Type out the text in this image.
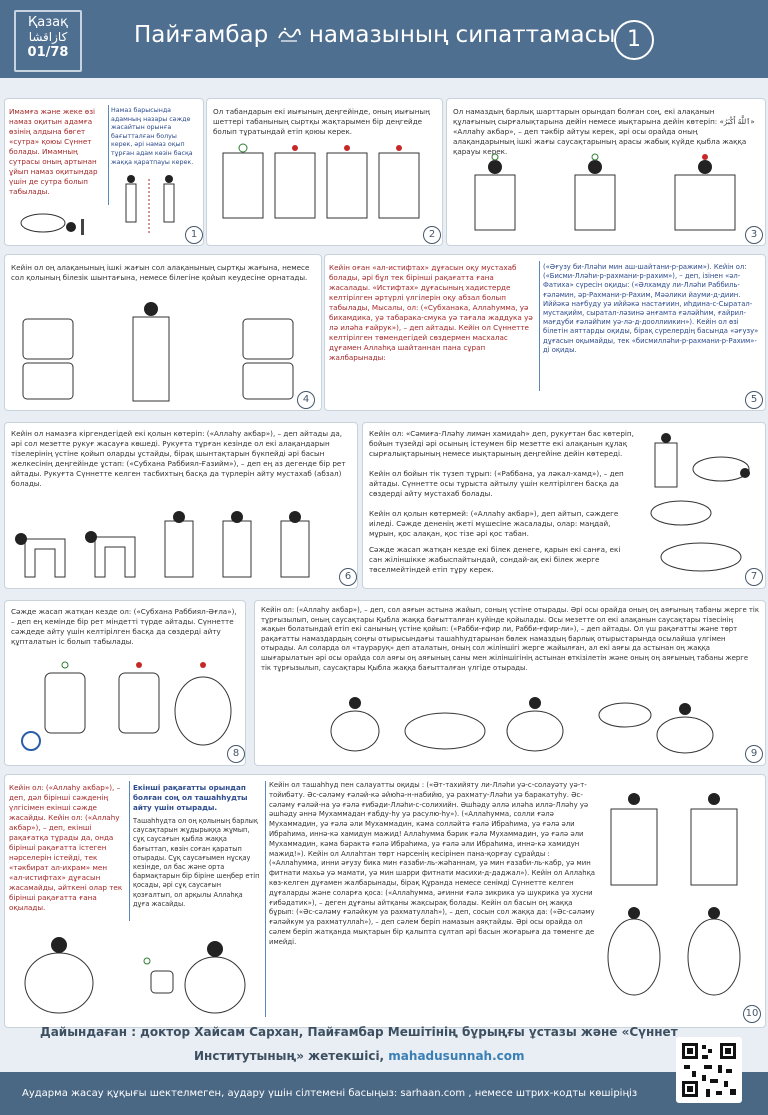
Қазақ
كازاقشا
01/78
Пайғамбар намазының сипаттамасы 1
Имамға және жеке өзі намаз оқитын адамға өзінің алдына бөгет «сутра» қоюы Сүннет болады. Имамның сутрасы оның артынан ұйып намаз оқитындар үшін де сутра болып табылады.
Намаз барысында адамның назары сәжде жасайтын орынға бағытталған болуы керек, әрі намаз оқып тұрған адам көзін басқа жаққа қаратпауы керек.
1
Ол табандарын екі иығының деңгейінде, оның иығының шеттері табанының сыртқы жақтарымен бір деңгейде болып тұратындай етіп қоюы керек.
2
Ол намаздың барлық шарттарын орындап болған соң, екі алақанын құлағының сырғалықтарына дейін немесе иықтарына дейін көтеріп: «ٱللَّهُ أَكْبَرُ» «Аллаһу акбар», – деп тәкбір айтуы керек, әрі осы орайда оның алақандарының ішкі жағы саусақтарының арасы жабық күйде қыбла жаққа қарауы керек.
3
Кейін ол оң алақанының ішкі жағын сол алақанының сыртқы жағына, немесе сол қолының білезік шынтағына, немесе білегіне қойып кеудесіне орнатады.
4
Кейін оған «ал-истифтах» дұғасын оқу мустахаб болады, әрі бұл тек бірінші рақағатта ғана жасалады. «Истифтах» дұғасының хадистерде келтірілген әртүрлі үлгілерін оқу абзал болып табылады, Мысалы, ол: («Субханака, Аллаһумма, уә бихамдика, уә табарака-смука уә тағала жаддука уә лә иләһа ғайрук»), – деп айтады. Кейін ол Сүннетте келтірілген төмендегідей сөздермен масхалас дұғамен Аллаһқа шайтаннан пана сұрап жалбарынады:
(«Әғузу би-Лләһи мин аш-шайтани-р-ражим»). Кейін ол: («Бисми-Лләһи-р-рахмани-р-рахим»), – деп, ізінен «әл-Фатиха» сүресін оқиды: («Әлхамду ли-Лләһи Раббиль-ғәләмин, әр-Рахмани-р-Рахим, Мәәлики йауми-д-диин. Иййәкә нағбуду уә иййәкә настағиин, иһдина-с-Сыратал-мустақийм, сыратал-ләзинә әнғамта ғәләйһим, ғайрил-мағдуби ғәләйһим уә-лә-д-дооллиикин»). Кейін ол өзі білетін аяттарды оқиды, бірақ сүрелердің басында «әғузу» дұғасын оқымайды, тек «бисмилләһи-р-рахмани-р-Рахим»-ді оқиды.
5
Кейін ол намазға кіргендегідей екі қолын көтеріп: («Аллаһу акбар»), – деп айтады да, әрі сол мезетте рукуғ жасауға көшеді. Рукуғта тұрған кезінде ол екі алақандарын тізелерінің үстіне қойып оларды ұстайды, бірақ шынтақтарын бүкпейді әрі басын желкесінің деңгейінде ұстап: («Субхана Раббиял-Ғазийм»), – деп ең аз дегенде бір рет айтады. Рукуғта Сүннетте келген тасбихтың басқа да түрлерін айту мустахаб (абзал) болады.
6
Кейін ол: «Сәмиға-Лләһу лимән хамидаһ» деп, рукуғтан бас көтеріп, бойын түзейді әрі осының істеумен бір мезетте екі алақанын құлақ сырғалықтарының немесе иықтарының деңгейіне дейін көтереді.
Кейін ол бойын тік түзеп тұрып: («Раббана, уа ләкал-хамд»), – деп айтады. Сүннетте осы тұрыста айтылу үшін келтірілген басқа да сөздерді айту мустахаб болады.
Кейін ол қолын көтермей: («Аллаһу акбар»), деп айтып, сәждеге иіледі. Сәжде дененің жеті мүшесіне жасалады, олар: маңдай, мұрын, қос алақан, қос тізе әрі қос табан.
Сәжде жасап жатқан кезде екі білек денеге, қарын екі санға, екі сан жіліншікке жабыспайтындай, сондай-ақ екі білек жерге төселмейтіндей етіп тұру керек.
7
Сәжде жасап жатқан кезде ол: («Субхана Раббиял-Әғла»), – деп ең кемінде бір рет міндетті түрде айтады. Сүннетте сәждеде айту үшін келтірілген басқа да сөздерді айту құпталатын іс болып табылады.
8
Кейін ол: («Аллаһу акбар»), – деп, сол аяғын астына жайып, соның үстіне отырады. Әрі осы орайда оның оң аяғының табаны жерге тік тұрғызылып, оның саусақтары Қыбла жаққа бағытталған күйінде қойылады. Осы мезетте ол екі алақанын саусақтары тізесінің жақын болатындай етіп екі санының үстіне қойып: («Рабби-ғфир ли, Рабби-ғфир-ли»), – деп айтады. Ол үш рақағатты және төрт рақағатты намаздардың соңғы отырысындағы ташаһһудтарынан бөлек намаздың барлық отырыстарында осылайша үлгімен отырады. Ал соларда ол «таураруқ» деп аталатын, оның сол жіліншігі жерге жайылған, ал екі аяғы да астынан оң жаққа шығарылатын әрі осы орайда сол аяғы оң аяғының саны мен жіліншігінің астынан өткізілетін және оның оң аяғының табаны жерге тік тұрғызылып, саусақтары Қыбла жаққа бағытталған үлгіде отырады.
9
Кейін ол: («Аллаһу акбар»), – деп, дәл бірінші сәжденің үлгісімен екінші сәжде жасайды. Кейін ол: («Аллаһу акбар»), – деп, екінші рақағатқа тұрады да, онда бірінші рақағатта істеген нәрселерін істейді, тек «тәкбират ал-ихрам» мен «ал-истифтах» дұғасын жасамайды, әйткені олар тек бірінші рақағатта ғана оқылады.
Екінші рақағатты орындап болған соң ол ташаһһудты айту үшін отырады.
Ташаһһудта ол оң қолының барлық саусақтарын жұдырыққа жұмып, сұқ саусағын қыбла жаққа бағыттап, көзін соған қаратып отырады. Сұқ саусағымен нұсқау кезінде, ол бас және орта бармақтарын бір біріне шеңбер етіп қосады, әрі сұқ саусағын қозғалтып, ол арқылы Аллаһқа дұға жасайды.
Кейін ол ташаһһуд пен салауатты оқиды : («Әт-тахийяту ли-Лләһи уә-с-солауәту уә-т-тойибәту. Әс-сәләму ғәләй-кә әйюһә-н-набийю, уә рахмату-Лләһи уә баракатуһу. Әс-сәләму ғәләй-на уә ғәлә ғибәди-Лләһи-с-солихийн. Әшһәду әллә иләһа иллә-Лләһу уә әшһәду әннә Мухаммадан ғабду-һу уә расулю-һу»). («Аллаһумма, солли ғәлә Мухаммадин, уә ғәлә әли Мухаммадин, кәма солләйтә ғәлә Ибраһима, уә ғәлә әли Ибраһима, иннә-кә хамидун мажид! Аллаһумма бәрик ғәлә Мухаммадин, уә ғәлә әли Мухаммадин, кәма бәрактә ғәлә Ибраһима, уә ғәлә әли Ибраһима, иннә-кә хамидун мажид!»). Кейін ол Аллаһтан төрт нәрсенің кесірінен пана-қорғау сұрайды : («Аллаһумма, инни әғузу бика мин ғазаби-ль-жәһаннам, уә мин ғазаби-ль-кабр, уә мин фитнати махьә уә мамати, уә мин шарри фитнати масихи-д-даджал»). Кейін ол Аллаһқа көз-келген дұғамен жалбарынады, бірақ Құранда немесе сенімді Сүннетте келген дұғаларды және соларға қоса: («Аллаһумма, әғинни ғәлә зикрика уә шукрика уә хусни ғибәдатик»), – деген дұғаны айтқаны жақсырақ болады. Кейін ол басын оң жаққа бұрып: («Әс-сәләму ғәләйкум уа рахматуллаһ»), – деп, сосын сол жаққа да: («Әс-сәләму ғәләйкум уа рахматуллаһ»), – деп сәлем беріп намазын аяқтайды. Әрі осы орайда ол сәлем беріп жатқанда мықтарын бір қалыпта сұлтап әрі басын жоғарыға да төменге де имейді.
10
Дайындаған : доктор Хайсам Сархан, Пайғамбар Мешітінің бұрыңғы ұстазы және «Сүннет
Институтының» жетекшісі, mahadusunnah.com
Аударма жасау құқығы шектелмеген, аудару үшін сілтемені басыңыз: sarhaan.com , немесе штрих-кодты көшіріңіз
